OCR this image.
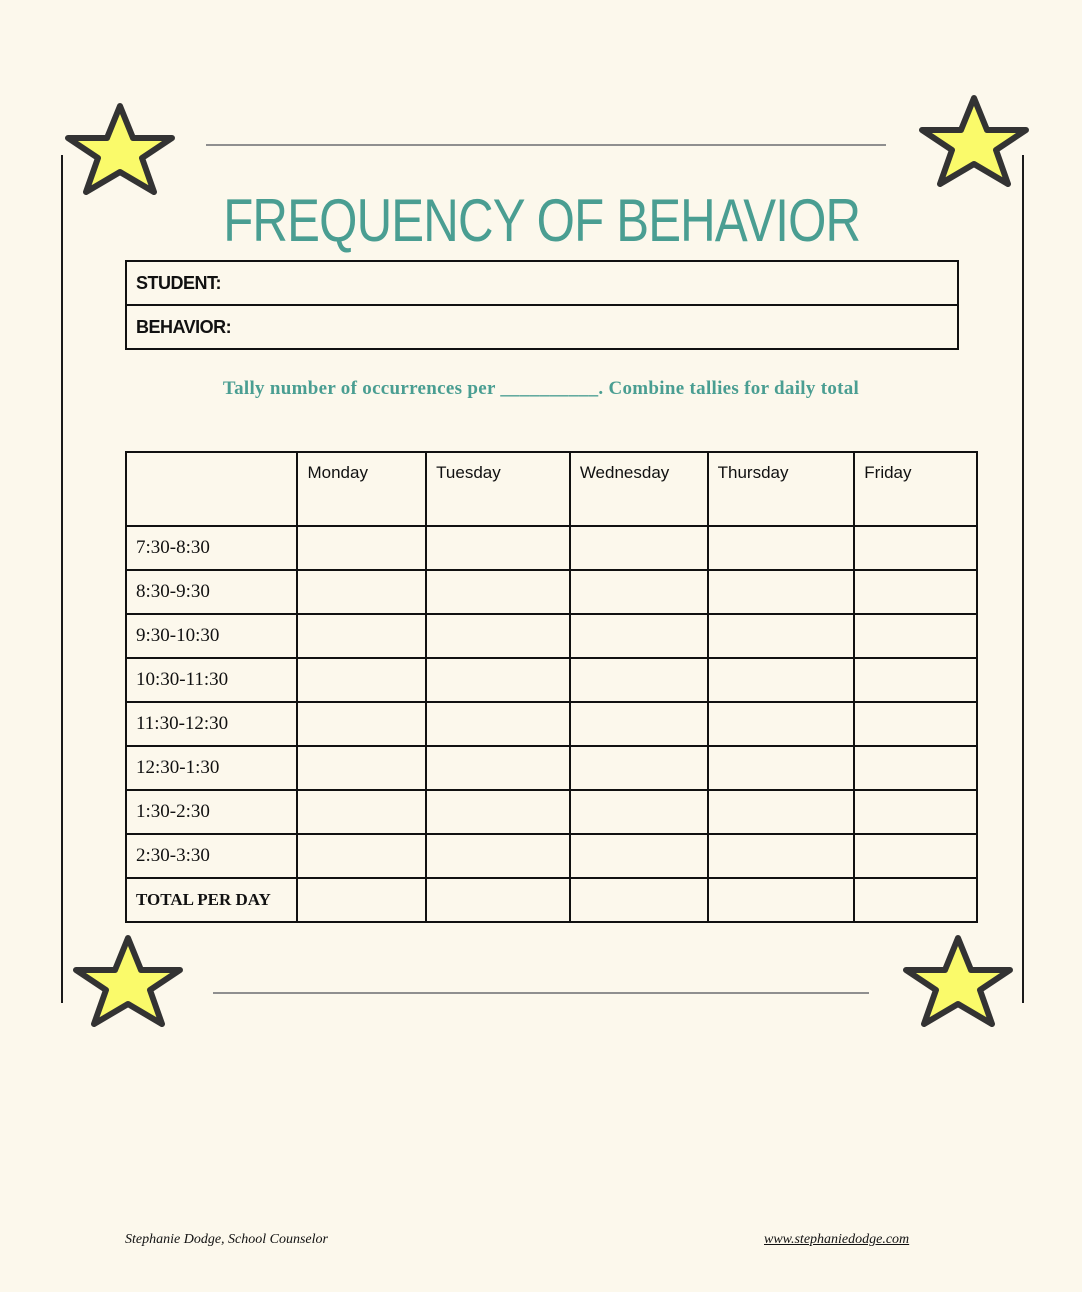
FREQUENCY OF BEHAVIOR
STUDENT:
BEHAVIOR:
Tally number of occurrences per __________. Combine tallies for daily total
	Monday	Tuesday	Wednesday	Thursday	Friday
7:30-8:30					
8:30-9:30					
9:30-10:30					
10:30-11:30					
11:30-12:30					
12:30-1:30					
1:30-2:30					
2:30-3:30					
TOTAL PER DAY					
Stephanie Dodge, School Counselor	www.stephaniedodge.com
